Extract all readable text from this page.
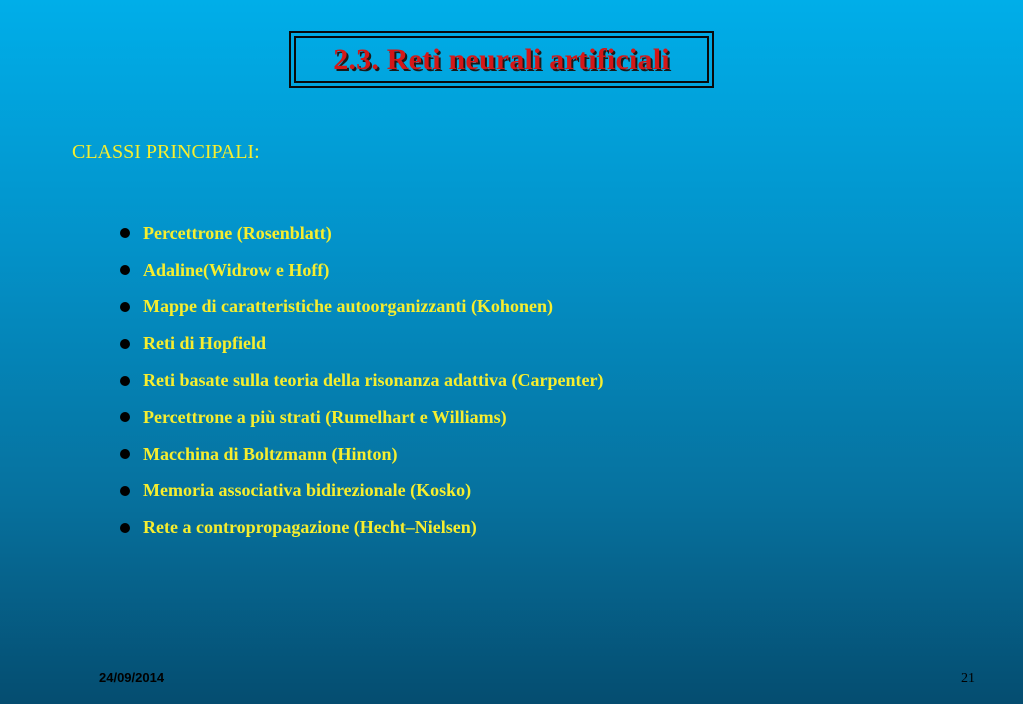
2.3. Reti neurali artificiali
CLASSI PRINCIPALI:
Percettrone (Rosenblatt)
Adaline(Widrow e Hoff)
Mappe di caratteristiche autoorganizzanti (Kohonen)
Reti di Hopfield
Reti basate sulla teoria della risonanza adattiva (Carpenter)
Percettrone a più strati (Rumelhart e Williams)
Macchina di Boltzmann (Hinton)
Memoria associativa bidirezionale (Kosko)
Rete a contropropagazione (Hecht–Nielsen)
24/09/2014	21
